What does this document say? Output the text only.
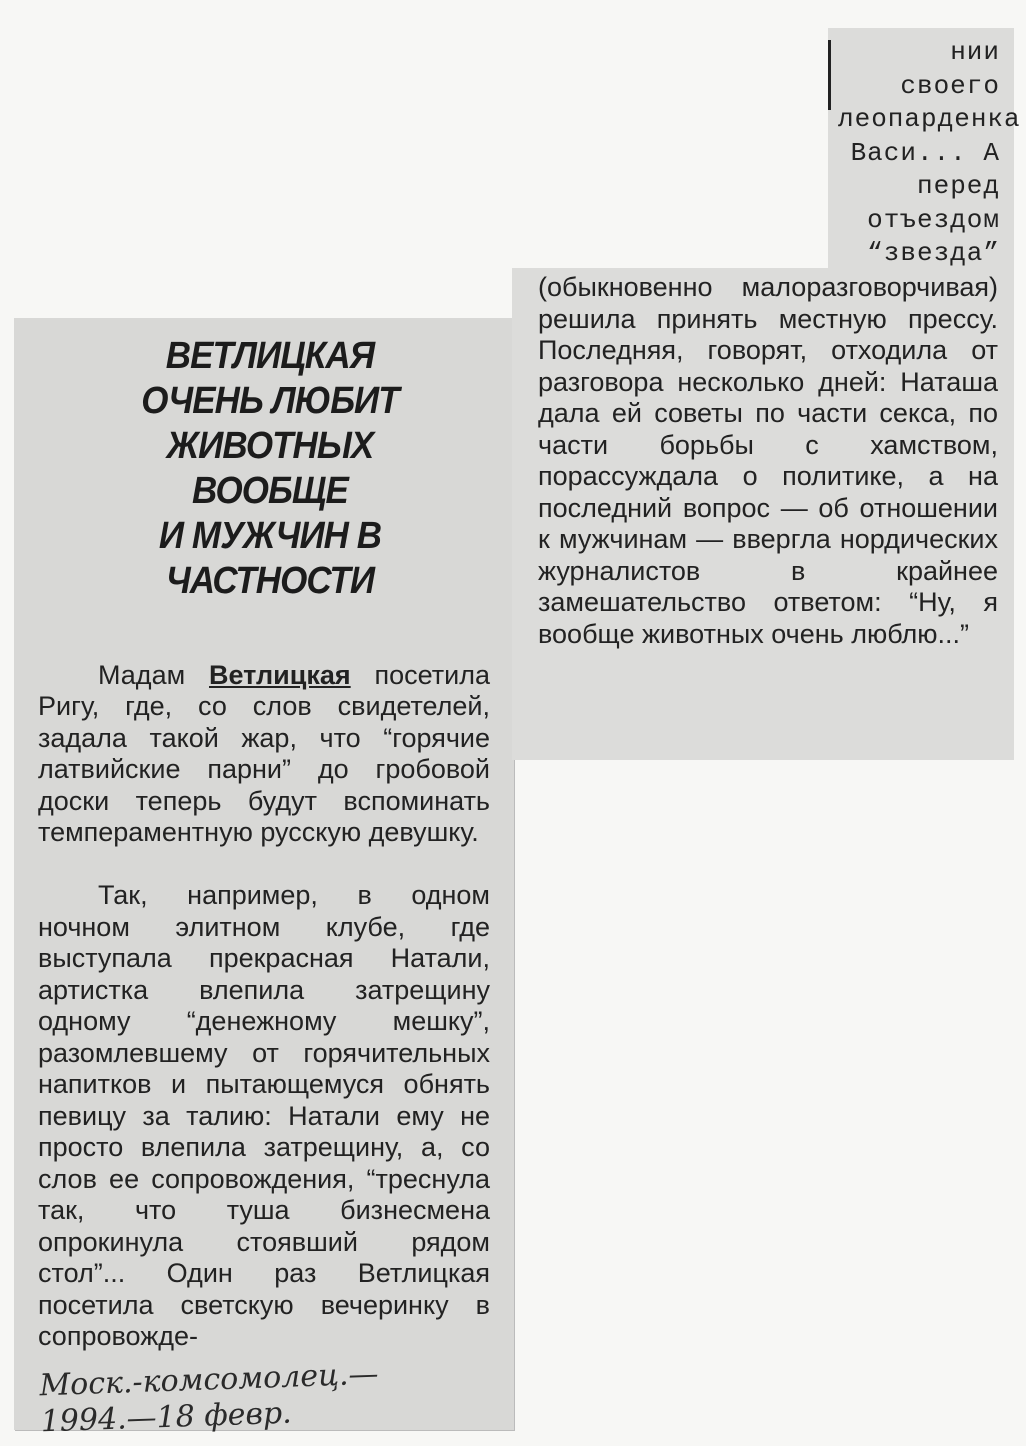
ВЕТЛИЦКАЯ
ОЧЕНЬ ЛЮБИТ
ЖИВОТНЫХ
ВООБЩЕ
И МУЖЧИН В
ЧАСТНОСТИ

Мадам Ветлицкая посетила Ригу, где, со слов свидетелей, задала такой жар, что “горячие латвийские парни” до гробовой доски теперь будут вспоминать темпераментную русскую девушку.

Так, например, в одном ночном элитном клубе, где выступала прекрасная Натали, артистка влепила затрещину одному “денежному мешку”, разомлевшему от горячительных напитков и пытающемуся обнять певицу за талию: Натали ему не просто влепила затрещину, а, со слов ее сопровождения, “треснула так, что туша бизнесмена опрокинула стоявший рядом стол”... Один раз Ветлицкая посетила светскую вечеринку в сопровожде-

нии своего леопарденка Васи... А перед отъездом “звезда”
(обыкновенно малоразговорчивая) решила принять местную прессу. Последняя, говорят, отходила от разговора несколько дней: Наташа дала ей советы по части секса, по части борьбы с хамством, порассуждала о политике, а на последний вопрос — об отношении к мужчинам — ввергла нордических журналистов в крайнее замешательство ответом: “Ну, я вообще животных очень люблю...”
Моск.-комсомолец.—
1994.—18 февр.
